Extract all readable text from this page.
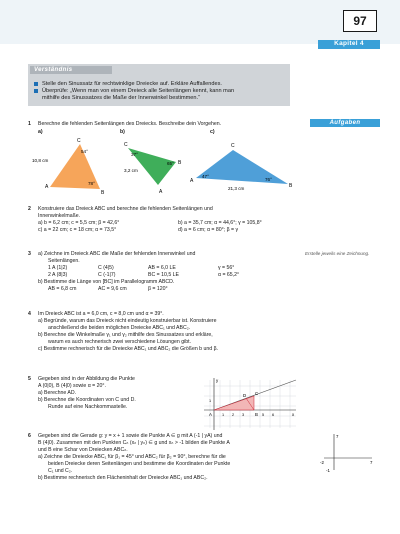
97
Kapitel 4
Verständnis
Stelle den Sinussatz für rechtwinklige Dreiecke auf. Erkläre Auffallendes.
Überprüfe: „Wenn man von einem Dreieck alle Seitenlängen kennt, kann man
mithilfe des Sinussatzes die Maße der Innenwinkel bestimmen.“
Aufgaben
1 Berechne die fehlenden Seitenlängen des Dreiecks. Beschreibe dein Vorgehen.
a)	b)	c)
C
A
B
10,8 cm
54°
78°
C
A
B
3,2 cm
37°
65°
C
A
B
21,3 cm
47°
76°
2 Konstruiere das Dreieck ABC und berechne die fehlenden Seitenlängen und
Innenwinkelmaße.
a) b = 6,2 cm; c = 5,5 cm; β = 42,6°	b) a = 35,7 cm; α = 44,6°; γ = 105,8°
c) a = 22 cm; c = 18 cm; α = 73,5°	d) a = 6 cm; α = 80°; β = γ
3 a) Zeichne im Dreieck ABC die Maße der fehlenden Innenwinkel und
Seitenlängen.
1 A (1|2)	C (4|5)	AB = 6,0 LE	γ = 56°
2 A (8|3)	C (-1|7)	BC = 10,5 LE	α = 65,2°
b) Bestimme die Länge von [BC] im Parallelogramm ABCD.
AB = 6,8 cm	AC = 9,6 cm	β = 120°
Erstelle jeweils eine Zeichnung.
4 Im Dreieck ABC ist a = 6,0 cm, c = 8,0 cm und α = 39°.
a) Begründe, warum das Dreieck nicht eindeutig konstruierbar ist. Konstruiere
anschließend die beiden möglichen Dreiecke ABC₁ und ABC₂.
b) Berechne die Winkelmaße γ₁ und γ₂ mithilfe des Sinussatzes und erkläre,
warum es auch rechnerisch zwei verschiedene Lösungen gibt.
c) Bestimme rechnerisch für die Dreiecke ABC₁ und ABC₂ die Größen b und β.
5 Gegeben sind in der Abbildung die Punkte
A (0|0), B (4|0) sowie α = 20°.
a) Berechne AD.
b) Berechne die Koordinaten von C und D.
Runde auf eine Nachkommastelle.
A	B
C
D
y
x
1 2 3	5 6
1
6 Gegeben sind die Gerade g: y = x + 1 sowie die Punkte A ∈ g mit A (-1 | yA) und
B (4|0). Zusammen mit den Punkten Cₙ (xₙ | yₙ) ∈ g und xₙ > -1 bilden die Punkte A
und B eine Schar von Dreiecken ABCₙ.
a) Zeichne die Dreiecke ABC₁ für β₁ = 45° und ABC₂ für β₂ = 90°, berechne für die
beiden Dreiecke deren Seitenlängen und bestimme die Koordinaten der Punkte
C₁ und C₂.
b) Bestimme rechnerisch den Flächeninhalt der Dreiecke ABC₁ und ABC₂.
7
-2	7
-1
